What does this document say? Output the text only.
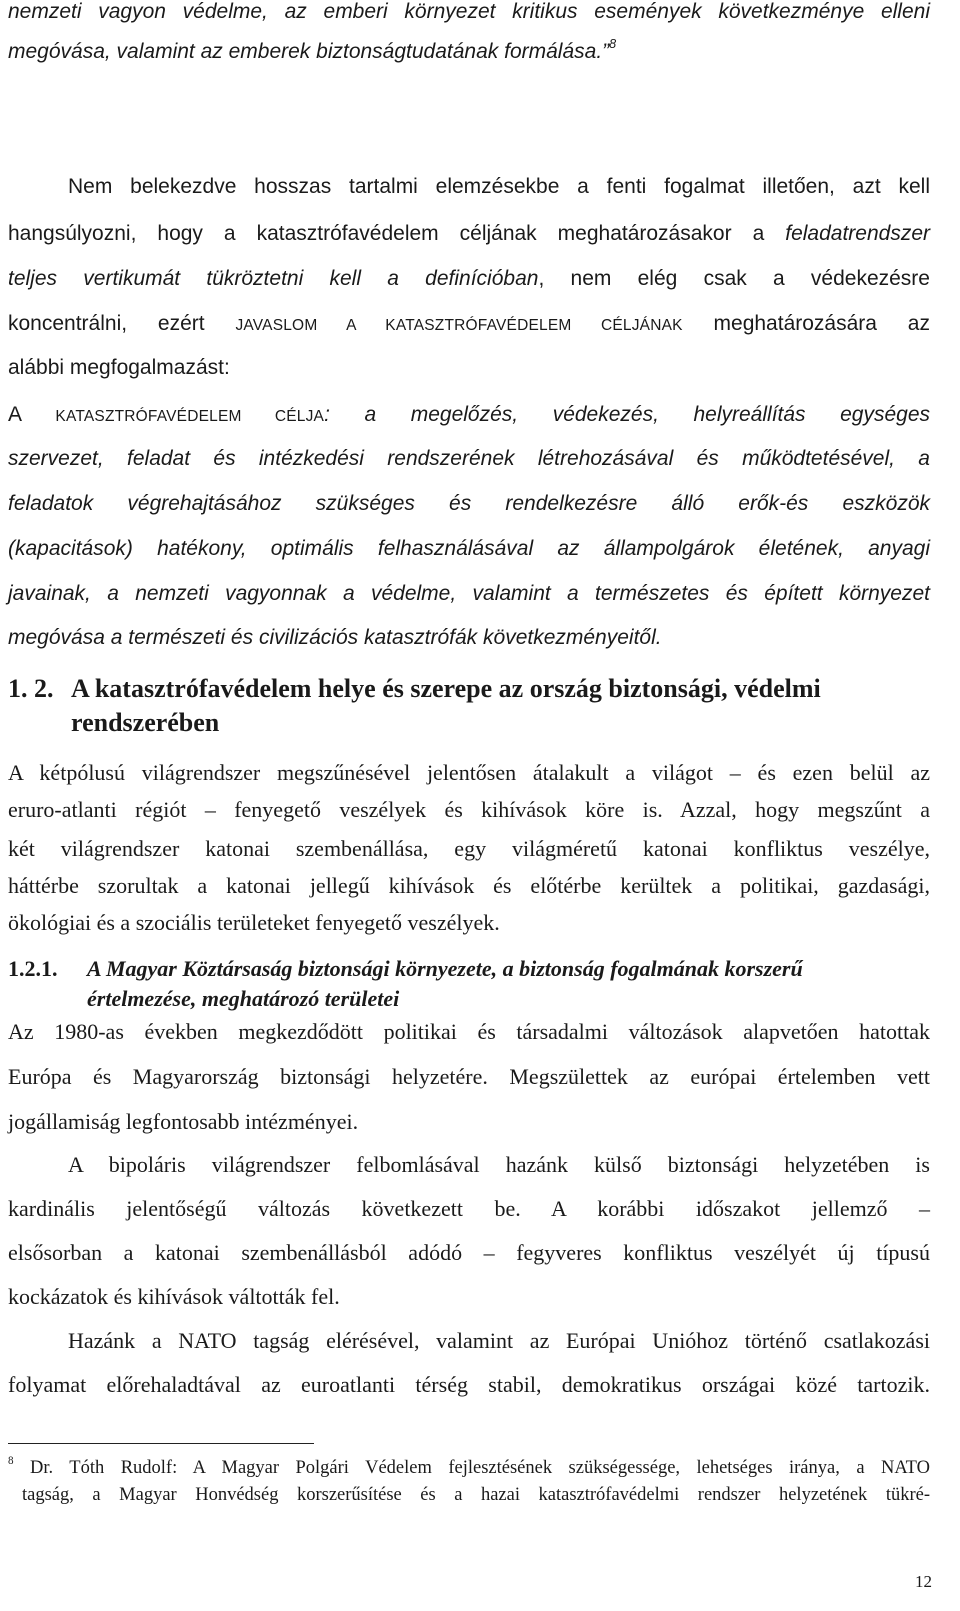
nemzeti vagyon védelme, az emberi környezet kritikus események következménye elleni
megóvása, valamint az emberek biztonságtudatának formálása.”$^8$
Nem belekezdve hosszas tartalmi elemzésekbe a fenti fogalmat illetően, azt kell
hangsúlyozni, hogy a katasztrófavédelem céljának meghatározásakor a feladatrendszer
teljes vertikumát tükröztetni kell a definícióban, nem elég csak a védekezésre
koncentrálni, ezért JAVASLOM A KATASZTRÓFAVÉDELEM CÉLJÁNAK meghatározására az
alábbi megfogalmazást:
A KATASZTRÓFAVÉDELEM CÉLJA: a megelőzés, védekezés, helyreállítás egységes
szervezet, feladat és intézkedési rendszerének létrehozásával és működtetésével, a
feladatok végrehajtásához szükséges és rendelkezésre álló erők-és eszközök
(kapacitások) hatékony, optimális felhasználásával az állampolgárok életének, anyagi
javainak, a nemzeti vagyonnak a védelme, valamint a természetes és épített környezet
megóvása a természeti és civilizációs katasztrófák következményeitől.
1. 2. A katasztrófavédelem helye és szerepe az ország biztonsági, védelmi
rendszerében
A kétpólusú világrendszer megszűnésével jelentősen átalakult a világot – és ezen belül az
eruro-atlanti régiót – fenyegető veszélyek és kihívások köre is. Azzal, hogy megszűnt a
két világrendszer katonai szembenállása, egy világméretű katonai konfliktus veszélye,
háttérbe szorultak a katonai jellegű kihívások és előtérbe kerültek a politikai, gazdasági,
ökológiai és a szociális területeket fenyegető veszélyek.
1.2.1. A Magyar Köztársaság biztonsági környezete, a biztonság fogalmának korszerű
értelmezése, meghatározó területei
Az 1980-as években megkezdődött politikai és társadalmi változások alapvetően hatottak
Európa és Magyarország biztonsági helyzetére. Megszülettek az európai értelemben vett
jogállamiság legfontosabb intézményei.
A bipoláris világrendszer felbomlásával hazánk külső biztonsági helyzetében is
kardinális jelentőségű változás következett be. A korábbi időszakot jellemző –
elsősorban a katonai szembenállásból adódó – fegyveres konfliktus veszélyét új típusú
kockázatok és kihívások váltották fel.
Hazánk a NATO tagság elérésével, valamint az Európai Unióhoz történő csatlakozási
folyamat előrehaladtával az euroatlanti térség stabil, demokratikus országai közé tartozik.
$^8$ Dr. Tóth Rudolf: A Magyar Polgári Védelem fejlesztésének szükségessége, lehetséges iránya, a NATO
tagság, a Magyar Honvédség korszerűsítése és a hazai katasztrófavédelmi rendszer helyzetének tükré-
12
